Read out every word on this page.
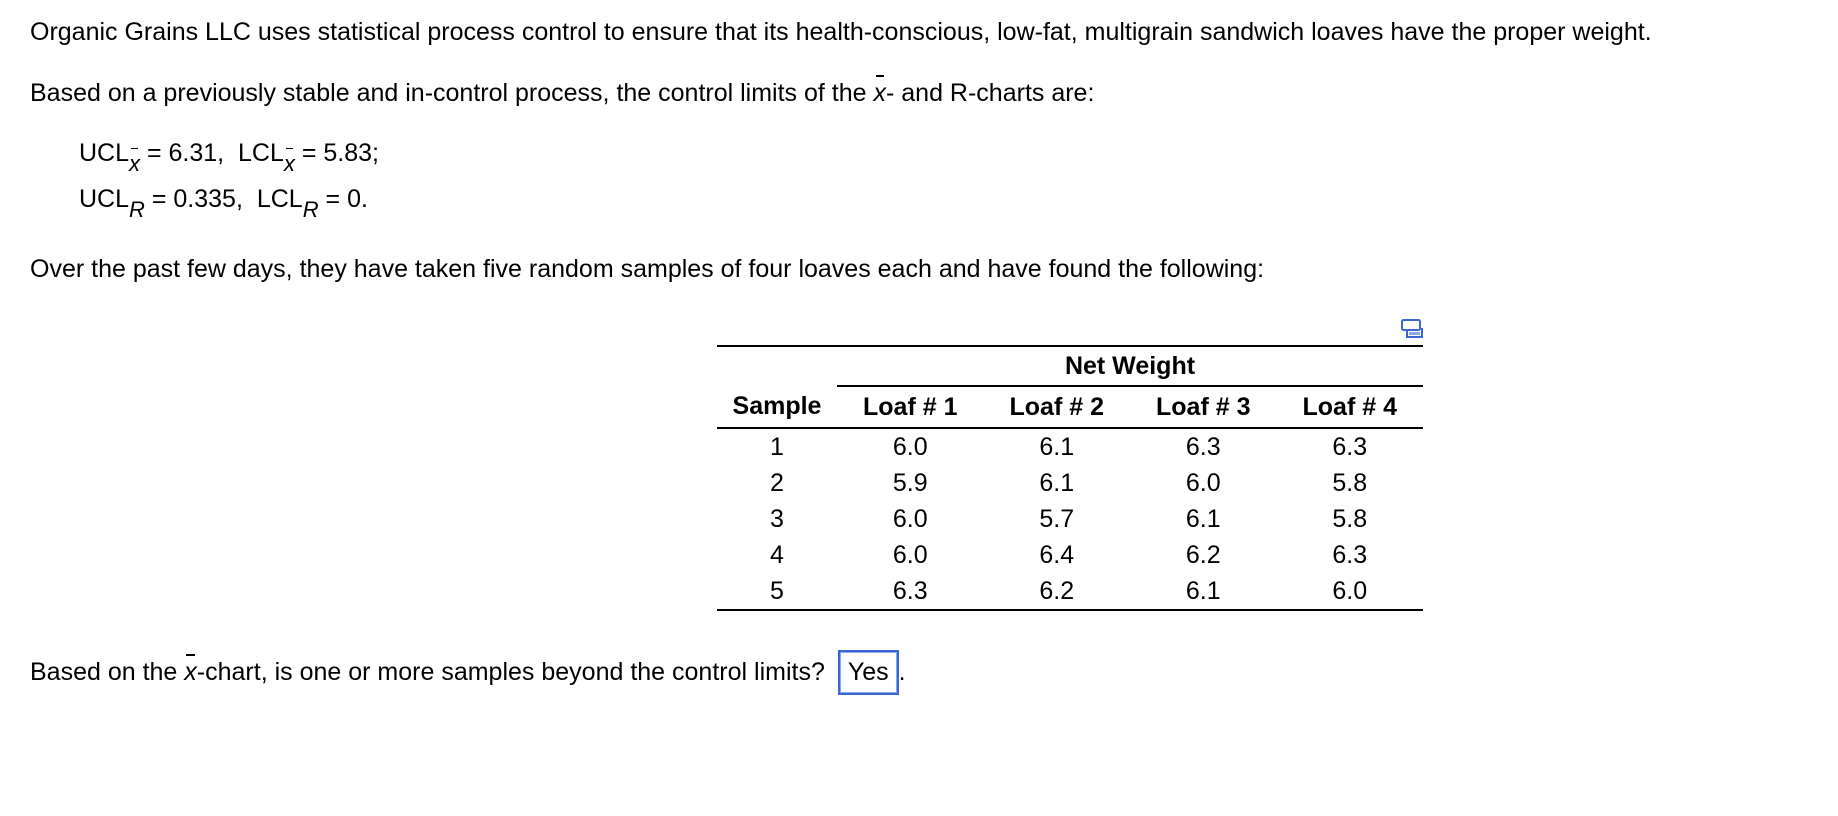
Organic Grains LLC uses statistical process control to ensure that its health-conscious, low-fat, multigrain sandwich loaves have the proper weight.

Based on a previously stable and in-control process, the control limits of the x- and R-charts are:

UCLx = 6.31, LCLx = 5.83;
UCLR = 0.335, LCLR = 0.

Over the past few days, they have taken five random samples of four loaves each and have found the following:

	Net Weight			
Sample	Loaf # 1	Loaf # 2	Loaf # 3	Loaf # 4
1	6.0	6.1	6.3	6.3
2	5.9	6.1	6.0	5.8
3	6.0	5.7	6.1	5.8
4	6.0	6.4	6.2	6.3
5	6.3	6.2	6.1	6.0

Based on the x-chart, is one or more samples beyond the control limits? Yes .
